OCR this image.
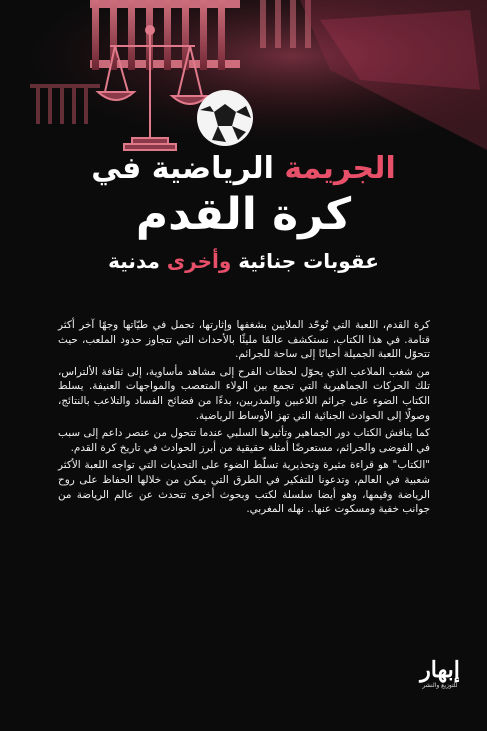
الجريمة الرياضية في

كرة القدم

عقوبات جنائية وأخرى مدنية

كرة القدم، اللعبة التي تُوحّد الملايين بشغفها وإثارتها، تحمل في طيّاتها وجهًا آخر أكثر قتامة. في هذا الكتاب، نستكشف عالمًا مليئًا بالأحداث التي تتجاوز حدود الملعب، حيث تتحوّل اللعبة الجميلة أحيانًا إلى ساحة للجرائم.

من شغب الملاعب الذي يحوّل لحظات الفرح إلى مشاهد مأساوية، إلى ثقافة الألتراس، تلك الحركات الجماهيرية التي تجمع بين الولاء المتعصب والمواجهات العنيفة. يسلط الكتاب الضوء على جرائم اللاعبين والمدربين، بدءًا من فضائح الفساد والتلاعب بالنتائج، وصولًا إلى الحوادث الجنائية التي تهز الأوساط الرياضية.

كما يناقش الكتاب دور الجماهير وتأثيرها السلبي عندما تتحول من عنصر داعم إلى سبب في الفوضى والجرائم، مستعرضًا أمثلة حقيقية من أبرز الحوادث في تاريخ كرة القدم.

"الكتاب" هو قراءة مثيرة وتحذيرية تسلّط الضوء على التحديات التي تواجه اللعبة الأكثر شعبية في العالم، وتدعونا للتفكير في الطرق التي يمكن من خلالها الحفاظ على روح الرياضة وقيمها، وهو أيضا سلسلة لكتب وبحوث أخرى تتحدث عن عالم الرياضة من جوانب خفية ومسكوت عنها.. نهله المغربي.

إبهار
للتوزيع والنشر
